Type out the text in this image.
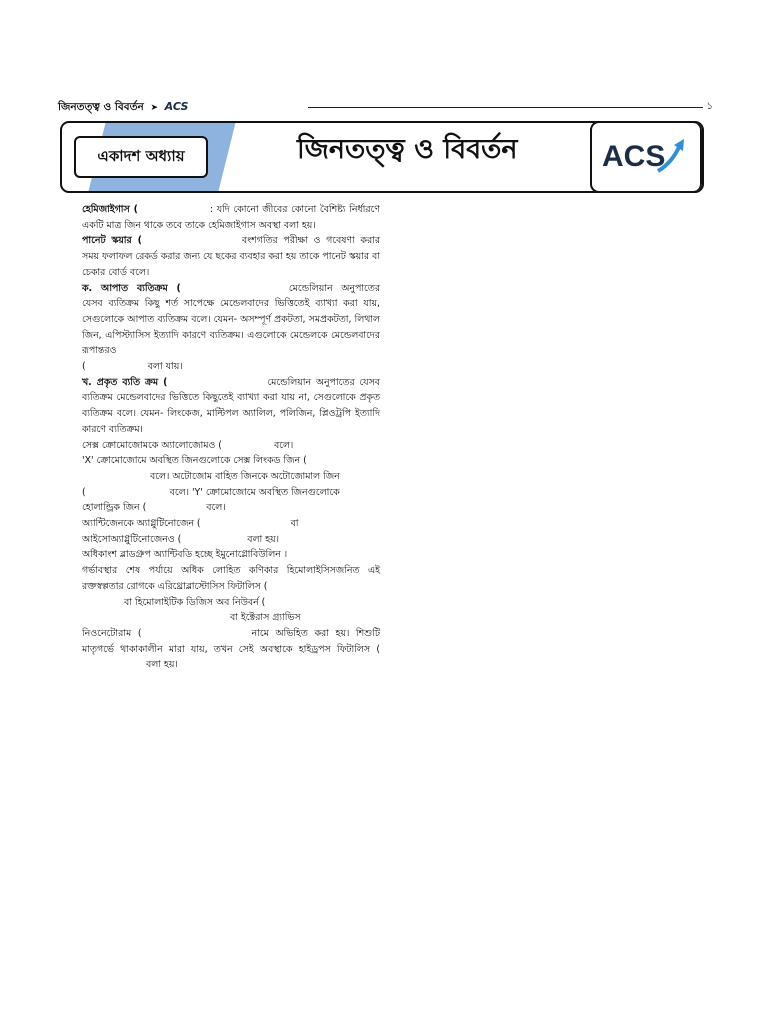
জিনতত্ত্ব ও বিবর্তন ➤ ACS	১
একাদশ অধ্যায়	জিনতত্ত্ব ও বিবর্তন	ACS

হেমিজাইগাস (	: যদি কোনো জীবের কোনো বৈশিষ্ট্য নির্ধারণে একটি মাত্র জিন থাকে তবে তাকে হেমিজাইগাস অবস্থা বলা হয়।

পানেট স্কয়ার (	বংশগতির পরীক্ষা ও গবেষণা করার সময় ফলাফল রেকর্ড করার জন্য যে ছকের ব্যবহার করা হয় তাকে পানেট স্কয়ার বা চেকার বোর্ড বলে।

ক. আপাত ব্যতিক্রম (	মেন্ডেলিয়ান অনুপাতের যেসব ব্যতিক্রম কিছু শর্ত সাপেক্ষে মেন্ডেলবাদের ভিত্তিতেই ব্যাখ্যা করা যায়, সেগুলোকে আপাত ব্যতিক্রম বলে। যেমন- অসম্পূর্ণ প্রকটতা, সমপ্রকটতা, লিথাল জিন, এপিস্ট্যাসিস ইত্যাদি কারণে ব্যতিক্রম। এগুলোকে মেন্ডেলকে মেন্ডেলবাদের রূপান্তরও
(	বলা যায়।

খ. প্রকৃত ব্যতি ক্রম (	মেন্ডেলিয়ান অনুপাতের যেসব ব্যতিক্রম মেন্ডেলবাদের ভিত্তিতে কিছুতেই ব্যাখ্যা করা যায় না, সেগুলোকে প্রকৃত ব্যতিক্রম বলে। যেমন- লিংকেজ, মাল্টিপল অ্যালিল, পলিজিন, প্লিওট্রপি ইত্যাদি কারণে ব্যতিক্রম।

সেক্স ক্রোমোজোমকে অ্যালোজোমও (	বলে।

'X' ক্রোমোজোমে অবস্থিত জিনগুলোকে সেক্স লিংকড জিন (
বলে। অটোজোম বাহিত জিনকে অটোজোমাল জিন
(	বলে। 'Y' ক্রোমোজোমে অবস্থিত জিনগুলোকে
হোলান্ড্রিক জিন (	বলে।

অ্যান্টিজেনকে অ্যাগ্লুটিনোজেন (	বা
আইসোঅ্যাগ্লুটিনোজেনও (	বলা হয়।

অধিকাংশ ব্লাডগ্রুপ অ্যান্টিবডি হচ্ছে ইমুনোগ্লোবিউলিন ।

গর্ভাবস্থার শেষ পর্যায়ে অধিক লোহিত কণিকার হিমোলাইসিসজনিত এই রক্তস্বল্পতার রোগকে এরিথ্রোব্লাস্টোসিস ফিটালিস (
বা হিমোলাইটিক ডিজিস অব নিউবর্ন (
বা ইক্টেরাস গ্র্যাভিস
নিওনেটোরাম (	নামে অভিহিত করা হয়। শিশুটি মাতৃগর্ভে থাকাকালীন মারা যায়, তখন সেই অবস্থাকে হাইড্রপস ফিটালিস (বলা হয়।
